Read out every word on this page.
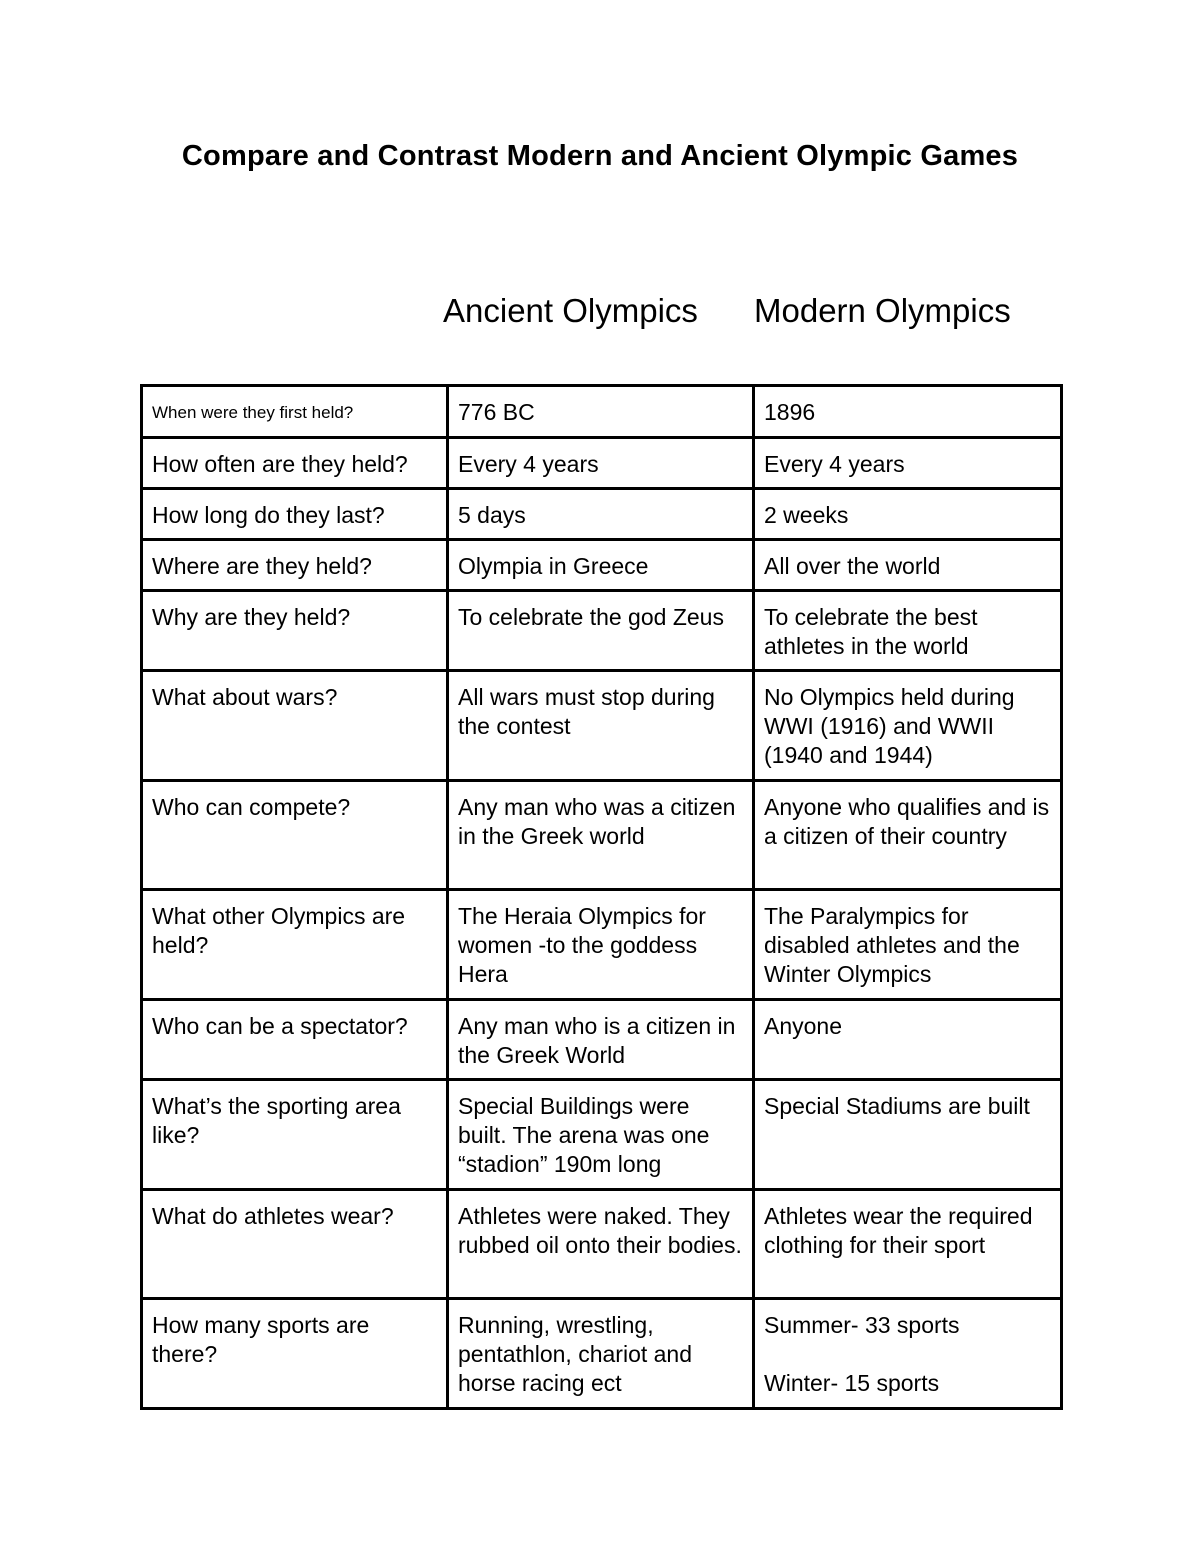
Compare and Contrast Modern and Ancient Olympic Games
Ancient Olympics Modern Olympics
When were they first held?	776 BC	1896
How often are they held?	Every 4 years	Every 4 years
How long do they last?	5 days	2 weeks
Where are they held?	Olympia in Greece	All over the world
Why are they held?	To celebrate the god Zeus	To celebrate the best athletes in the world
What about wars?	All wars must stop during the contest	No Olympics held during WWI (1916) and WWII (1940 and 1944)
Who can compete?	Any man who was a citizen in the Greek world	Anyone who qualifies and is a citizen of their country
What other Olympics are held?	The Heraia Olympics for women -to the goddess Hera	The Paralympics for disabled athletes and the Winter Olympics
Who can be a spectator?	Any man who is a citizen in the Greek World	Anyone
What’s the sporting area like?	Special Buildings were built. The arena was one “stadion” 190m long	Special Stadiums are built
What do athletes wear?	Athletes were naked. They rubbed oil onto their bodies.	Athletes wear the required clothing for their sport
How many sports are there?	Running, wrestling, pentathlon, chariot and horse racing ect	Summer- 33 sports
Winter- 15 sports
